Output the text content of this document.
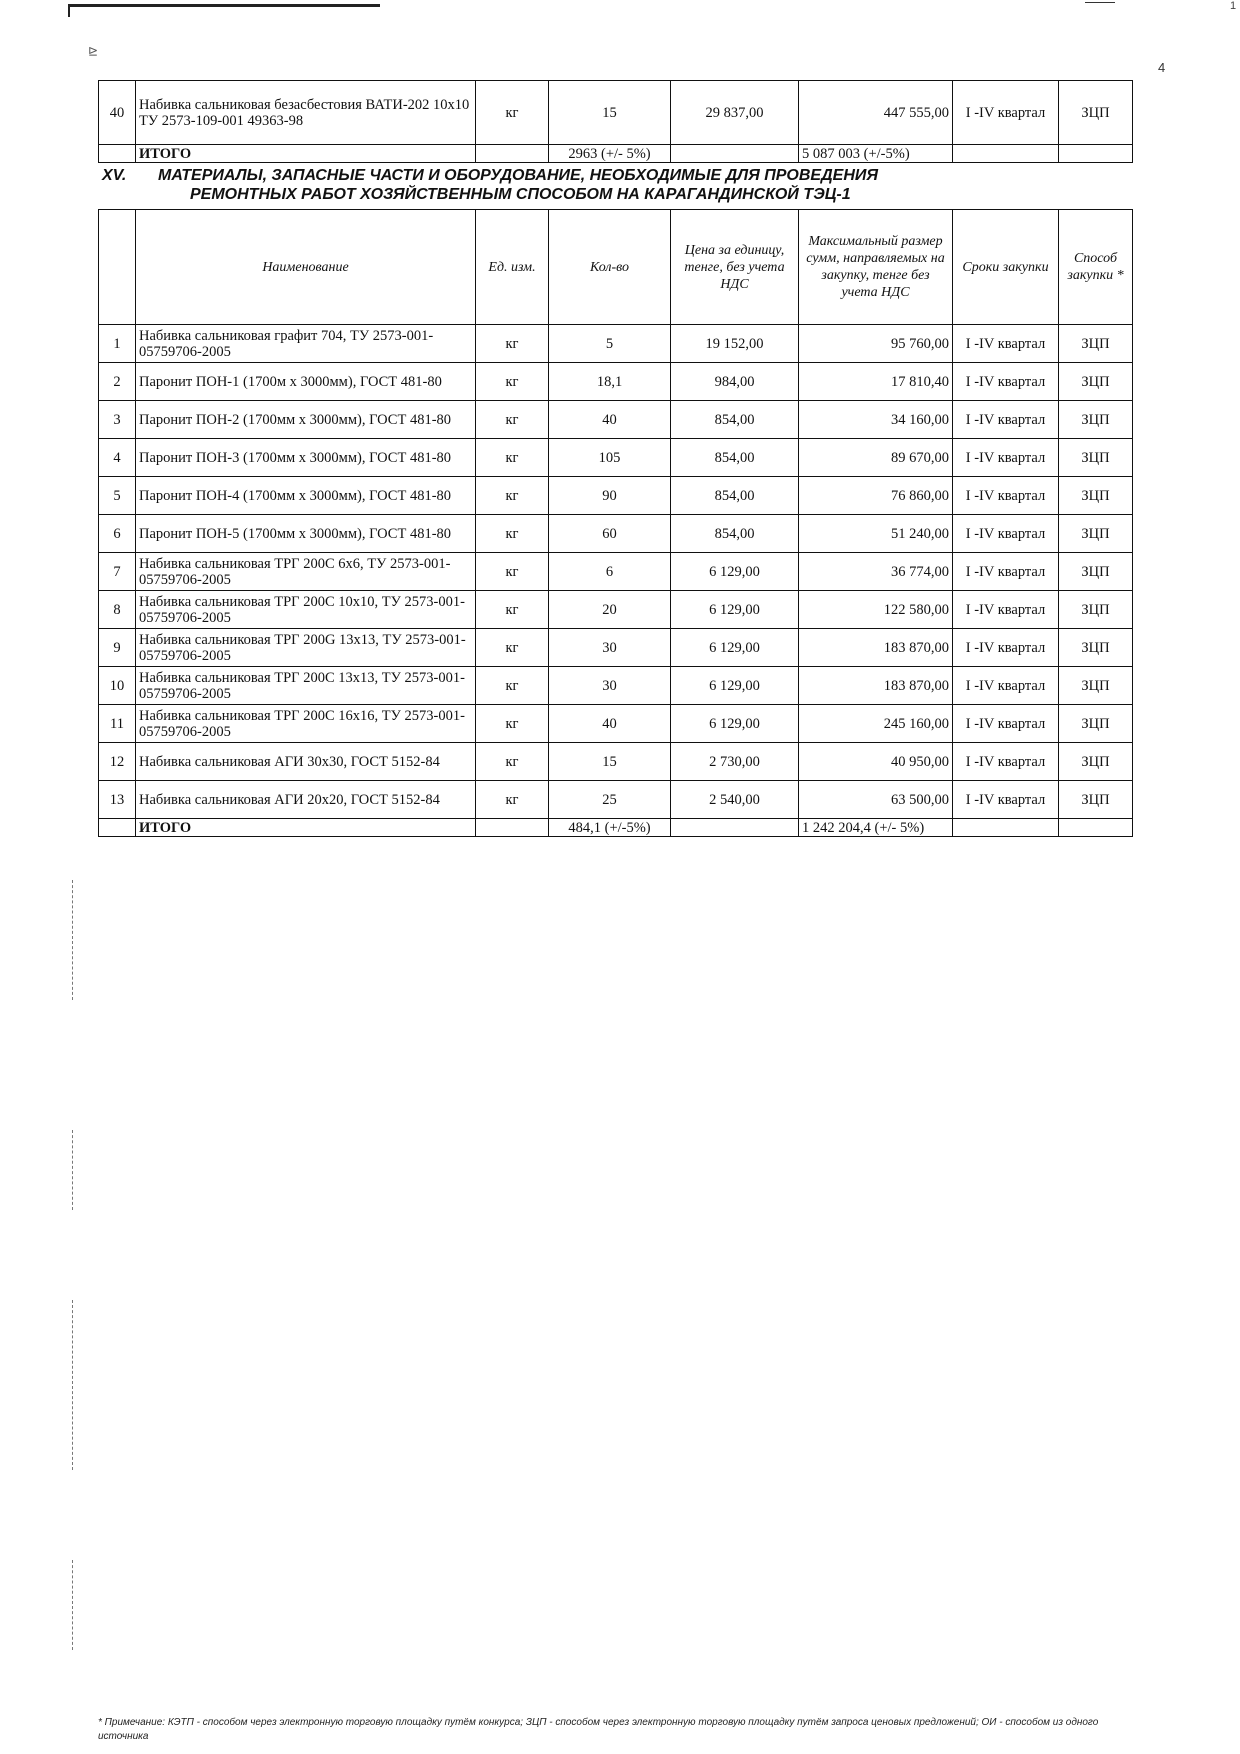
⊵
1
4
40	Набивка сальниковая безасбестовия ВАТИ-202 10х10 ТУ 2573-109-001 49363-98	кг	15	29 837,00	447 555,00	I -IV квартал	ЗЦП
	ИТОГО		2963 (+/- 5%)		5 087 003 (+/-5%)		
XV. МАТЕРИАЛЫ, ЗАПАСНЫЕ ЧАСТИ И ОБОРУДОВАНИЕ, НЕОБХОДИМЫЕ ДЛЯ ПРОВЕДЕНИЯ
РЕМОНТНЫХ РАБОТ ХОЗЯЙСТВЕННЫМ СПОСОБОМ НА КАРАГАНДИНСКОЙ ТЭЦ-1
	Наименование	Ед. изм.	Кол-во	Цена за единицу, тенге, без учета НДС	Максимальный размер сумм, направляемых на закупку, тенге без учета НДС	Сроки закупки	Способ закупки *
1	Набивка сальниковая графит 704, ТУ 2573-001-05759706-2005	кг	5	19 152,00	95 760,00	I -IV квартал	ЗЦП
2	Паронит ПОН-1 (1700м х 3000мм), ГОСТ 481-80	кг	18,1	984,00	17 810,40	I -IV квартал	ЗЦП
3	Паронит ПОН-2 (1700мм х 3000мм), ГОСТ 481-80	кг	40	854,00	34 160,00	I -IV квартал	ЗЦП
4	Паронит ПОН-3 (1700мм х 3000мм), ГОСТ 481-80	кг	105	854,00	89 670,00	I -IV квартал	ЗЦП
5	Паронит ПОН-4 (1700мм х 3000мм), ГОСТ 481-80	кг	90	854,00	76 860,00	I -IV квартал	ЗЦП
6	Паронит ПОН-5 (1700мм х 3000мм), ГОСТ 481-80	кг	60	854,00	51 240,00	I -IV квартал	ЗЦП
7	Набивка сальниковая ТРГ 200С 6х6, ТУ 2573-001-05759706-2005	кг	6	6 129,00	36 774,00	I -IV квартал	ЗЦП
8	Набивка сальниковая ТРГ 200С 10х10, ТУ 2573-001-05759706-2005	кг	20	6 129,00	122 580,00	I -IV квартал	ЗЦП
9	Набивка сальниковая ТРГ 200G 13х13, ТУ 2573-001-05759706-2005	кг	30	6 129,00	183 870,00	I -IV квартал	ЗЦП
10	Набивка сальниковая ТРГ 200С 13х13, ТУ 2573-001-05759706-2005	кг	30	6 129,00	183 870,00	I -IV квартал	ЗЦП
11	Набивка сальниковая ТРГ 200С 16х16, ТУ 2573-001-05759706-2005	кг	40	6 129,00	245 160,00	I -IV квартал	ЗЦП
12	Набивка сальниковая АГИ 30х30, ГОСТ 5152-84	кг	15	2 730,00	40 950,00	I -IV квартал	ЗЦП
13	Набивка сальниковая АГИ 20х20, ГОСТ 5152-84	кг	25	2 540,00	63 500,00	I -IV квартал	ЗЦП
	ИТОГО		484,1 (+/-5%)		1 242 204,4 (+/- 5%)		
* Примечание: КЭТП - способом через электронную торговую площадку путём конкурса; ЗЦП - способом через электронную торговую площадку путём запроса ценовых предложений; ОИ - способом из одного источника
